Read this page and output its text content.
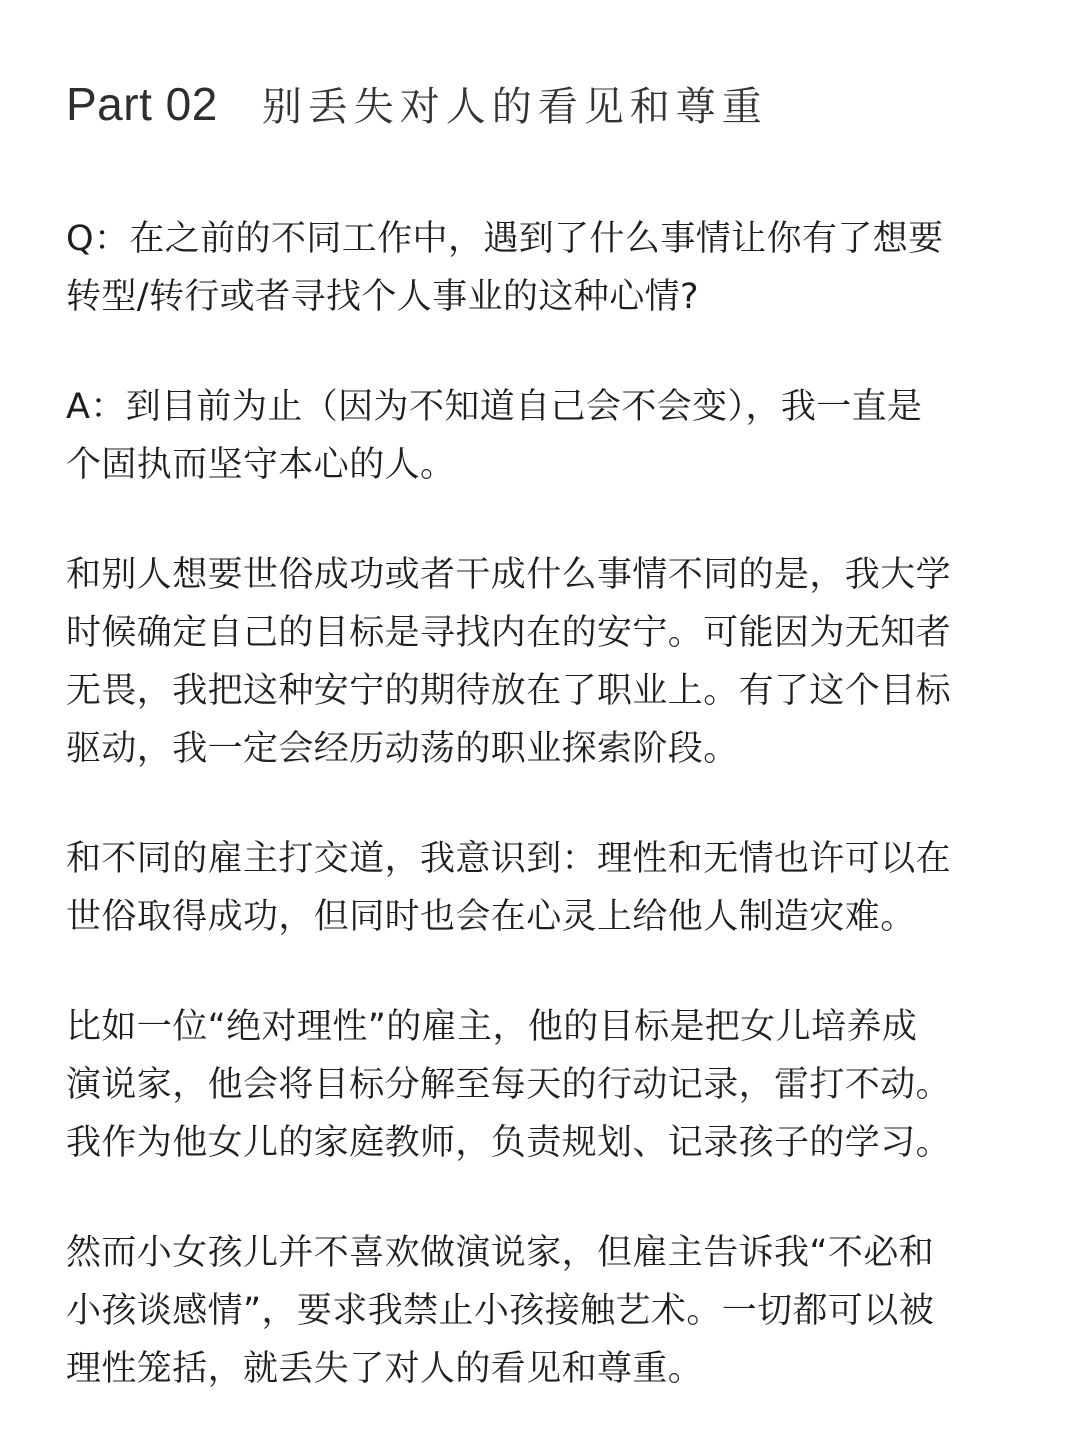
Part 02 别丢失对人的看见和尊重
Q：在之前的不同工作中，遇到了什么事情让你有了想要
转型/转行或者寻找个人事业的这种心情?
A：到目前为止（因为不知道自己会不会变），我一直是
个固执而坚守本心的人。
和别人想要世俗成功或者干成什么事情不同的是，我大学
时候确定自己的目标是寻找内在的安宁。可能因为无知者
无畏，我把这种安宁的期待放在了职业上。有了这个目标
驱动，我一定会经历动荡的职业探索阶段。
和不同的雇主打交道，我意识到：理性和无情也许可以在
世俗取得成功，但同时也会在心灵上给他人制造灾难。
比如一位“绝对理性”的雇主，他的目标是把女儿培养成
演说家，他会将目标分解至每天的行动记录，雷打不动。
我作为他女儿的家庭教师，负责规划、记录孩子的学习。
然而小女孩儿并不喜欢做演说家，但雇主告诉我“不必和
小孩谈感情”，要求我禁止小孩接触艺术。一切都可以被
理性笼括，就丢失了对人的看见和尊重。
